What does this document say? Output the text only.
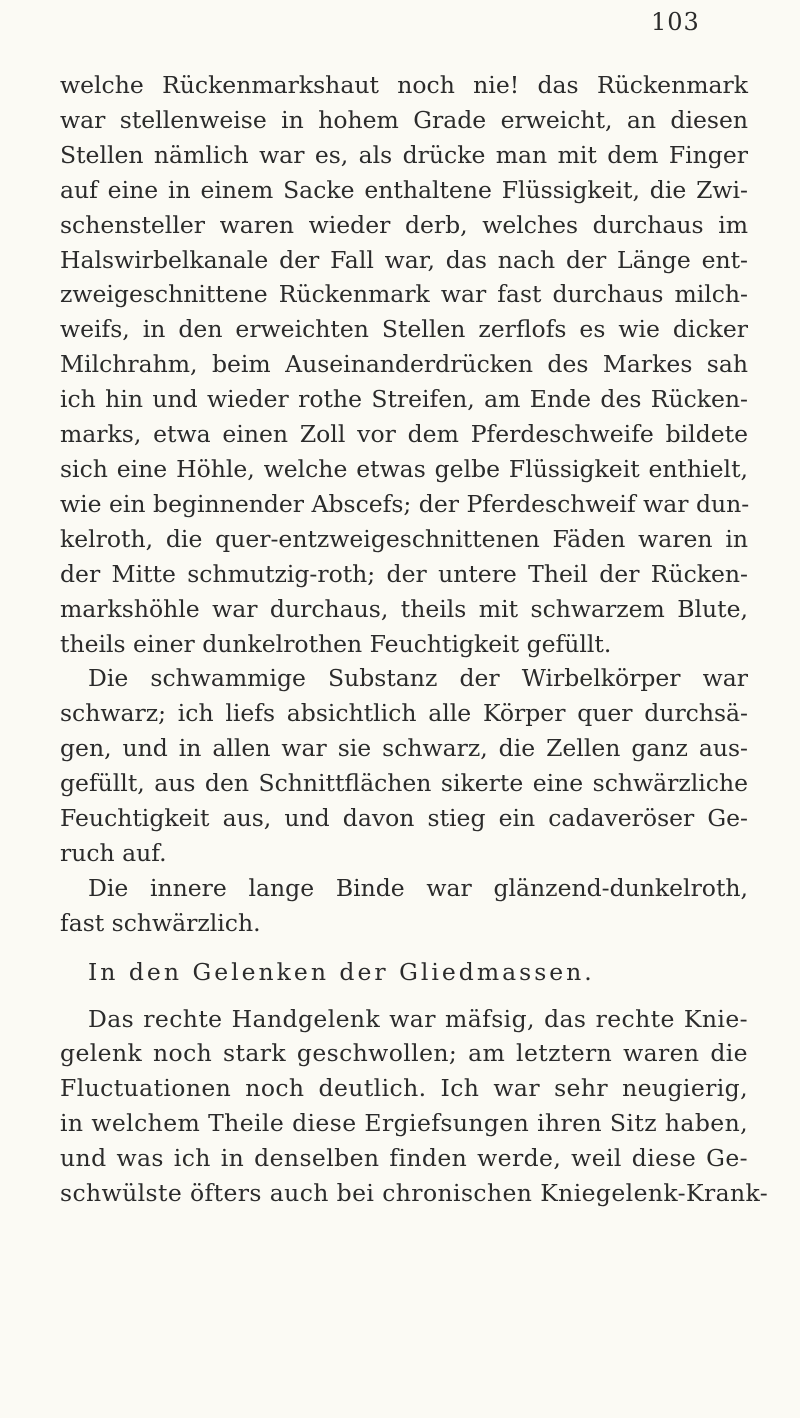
103
welche Rückenmarkshaut noch nie! das Rückenmark
war stellenweise in hohem Grade erweicht, an diesen
Stellen nämlich war es, als drücke man mit dem Finger
auf eine in einem Sacke enthaltene Flüssigkeit, die Zwi-
schensteller waren wieder derb, welches durchaus im
Halswirbelkanale der Fall war, das nach der Länge ent-
zweigeschnittene Rückenmark war fast durchaus milch-
weifs, in den erweichten Stellen zerflofs es wie dicker
Milchrahm, beim Auseinanderdrücken des Markes sah
ich hin und wieder rothe Streifen, am Ende des Rücken-
marks, etwa einen Zoll vor dem Pferdeschweife bildete
sich eine Höhle, welche etwas gelbe Flüssigkeit enthielt,
wie ein beginnender Abscefs; der Pferdeschweif war dun-
kelroth, die quer-entzweigeschnittenen Fäden waren in
der Mitte schmutzig-roth; der untere Theil der Rücken-
markshöhle war durchaus, theils mit schwarzem Blute,
theils einer dunkelrothen Feuchtigkeit gefüllt.
Die schwammige Substanz der Wirbelkörper war
schwarz; ich liefs absichtlich alle Körper quer durchsä-
gen, und in allen war sie schwarz, die Zellen ganz aus-
gefüllt, aus den Schnittflächen sikerte eine schwärzliche
Feuchtigkeit aus, und davon stieg ein cadaveröser Ge-
ruch auf.
Die innere lange Binde war glänzend-dunkelroth,
fast schwärzlich.
In den Gelenken der Gliedmassen.
Das rechte Handgelenk war mäfsig, das rechte Knie-
gelenk noch stark geschwollen; am letztern waren die
Fluctuationen noch deutlich. Ich war sehr neugierig,
in welchem Theile diese Ergiefsungen ihren Sitz haben,
und was ich in denselben finden werde, weil diese Ge-
schwülste öfters auch bei chronischen Kniegelenk-Krank-
